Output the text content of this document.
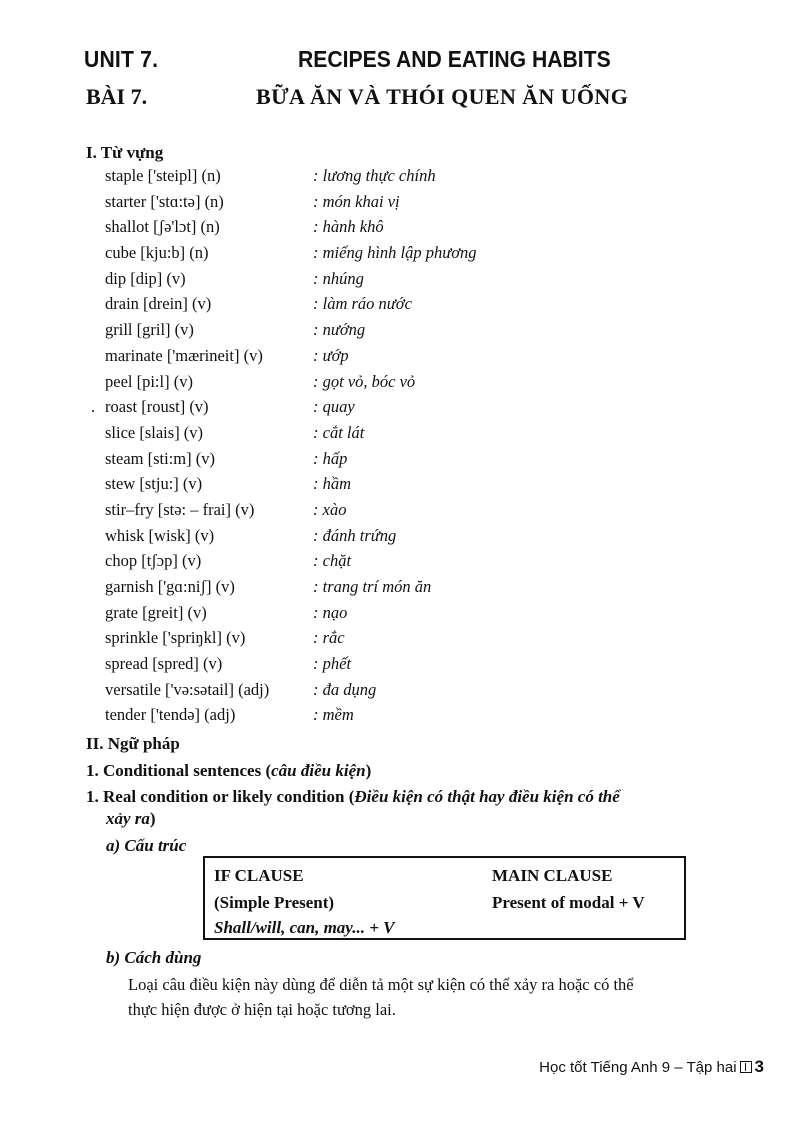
UNIT 7.	RECIPES AND EATING HABITS
BÀI 7.	BỮA ĂN VÀ THÓI QUEN ĂN UỐNG
I. Từ vựng
staple ['steipl] (n)	: lương thực chính
starter ['stɑ:tə] (n)	: món khai vị
shallot [ʃə'lɔt] (n)	: hành khô
cube [kju:b] (n)	: miếng hình lập phương
dip [dip] (v)	: nhúng
drain [drein] (v)	: làm ráo nước
grill [gril] (v)	: nướng
marinate ['mærineit] (v)	: ướp
peel [pi:l] (v)	: gọt vỏ, bóc vỏ
. roast [roust] (v)	: quay
slice [slais] (v)	: cắt lát
steam [sti:m] (v)	: hấp
stew [stju:] (v)	: hầm
stir–fry [stə: – frai] (v)	: xào
whisk [wisk] (v)	: đánh trứng
chop [tʃɔp] (v)	: chặt
garnish ['gɑ:niʃ] (v)	: trang trí món ăn
grate [greit] (v)	: nạo
sprinkle ['spriŋkl] (v)	: rắc
spread [spred] (v)	: phết
versatile ['və:sətail] (adj)	: đa dụng
tender ['tendə] (adj)	: mềm
II. Ngữ pháp
1. Conditional sentences (câu điều kiện)
1. Real condition or likely condition (Điều kiện có thật hay điều kiện có thể
xảy ra)
a) Cấu trúc
IF CLAUSE	MAIN CLAUSE
(Simple Present)	Present of modal + V
Shall/will, can, may... + V
b) Cách dùng
Loại câu điều kiện này dùng để diễn tả một sự kiện có thể xảy ra hoặc có thể
thực hiện được ở hiện tại hoặc tương lai.
Học tốt Tiếng Anh 9 – Tập hai 3
